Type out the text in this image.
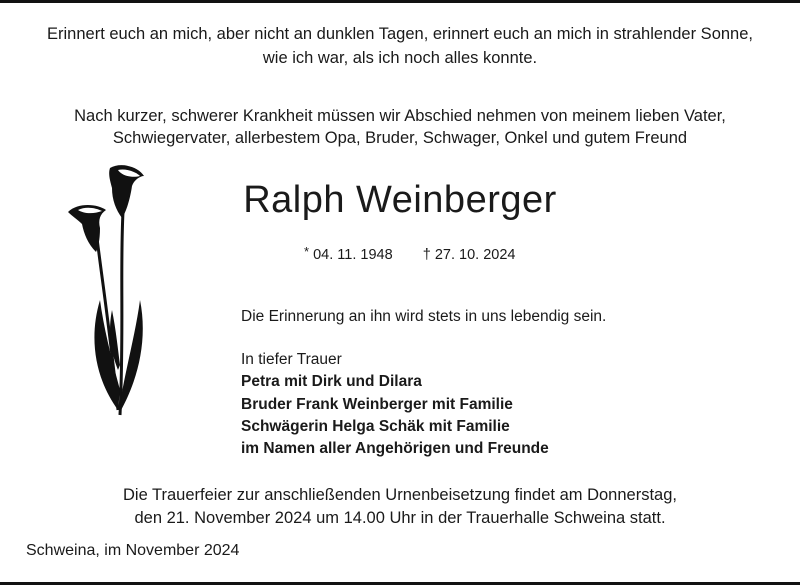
Erinnert euch an mich, aber nicht an dunklen Tagen, erinnert euch an mich in strahlender Sonne,
wie ich war, als ich noch alles konnte.
Nach kurzer, schwerer Krankheit müssen wir Abschied nehmen von meinem lieben Vater,
Schwiegervater, allerbestem Opa, Bruder, Schwager, Onkel und gutem Freund
Ralph Weinberger
* 04. 11. 1948 † 27. 10. 2024
Die Erinnerung an ihn wird stets in uns lebendig sein.
In tiefer Trauer
Petra mit Dirk und Dilara
Bruder Frank Weinberger mit Familie
Schwägerin Helga Schäk mit Familie
im Namen aller Angehörigen und Freunde
Die Trauerfeier zur anschließenden Urnenbeisetzung findet am Donnerstag,
den 21. November 2024 um 14.00 Uhr in der Trauerhalle Schweina statt.
Schweina, im November 2024
